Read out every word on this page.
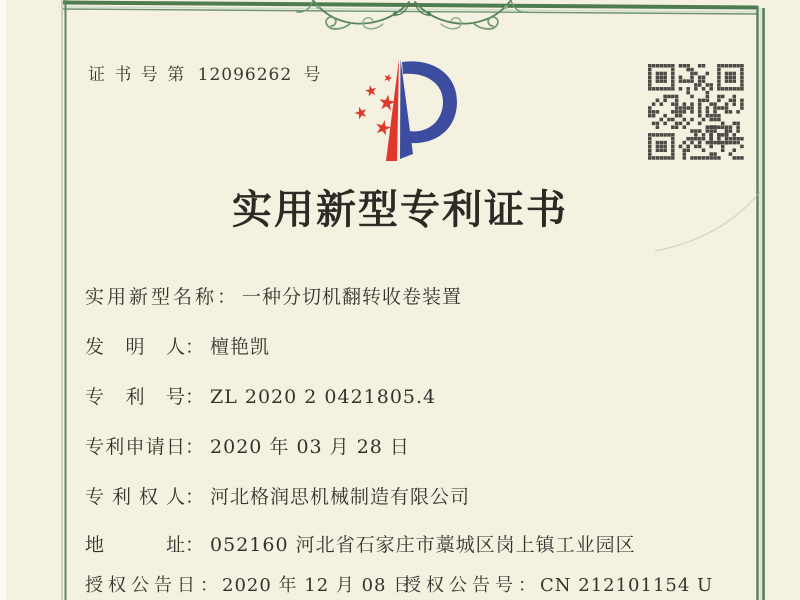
证 书 号 第 12096262 号
实用新型专利证书
实用新型名称： 一种分切机翻转收卷装置
发明人： 檀艳凯
专利号： ZL 2020 2 0421805.4
专利申请日： 2020 年 03 月 28 日
专利权人： 河北格润思机械制造有限公司
地址： 052160 河北省石家庄市藁城区岗上镇工业园区
授权公告日： 2020 年 12 月 08 日
授权公告号： CN 212101154 U
